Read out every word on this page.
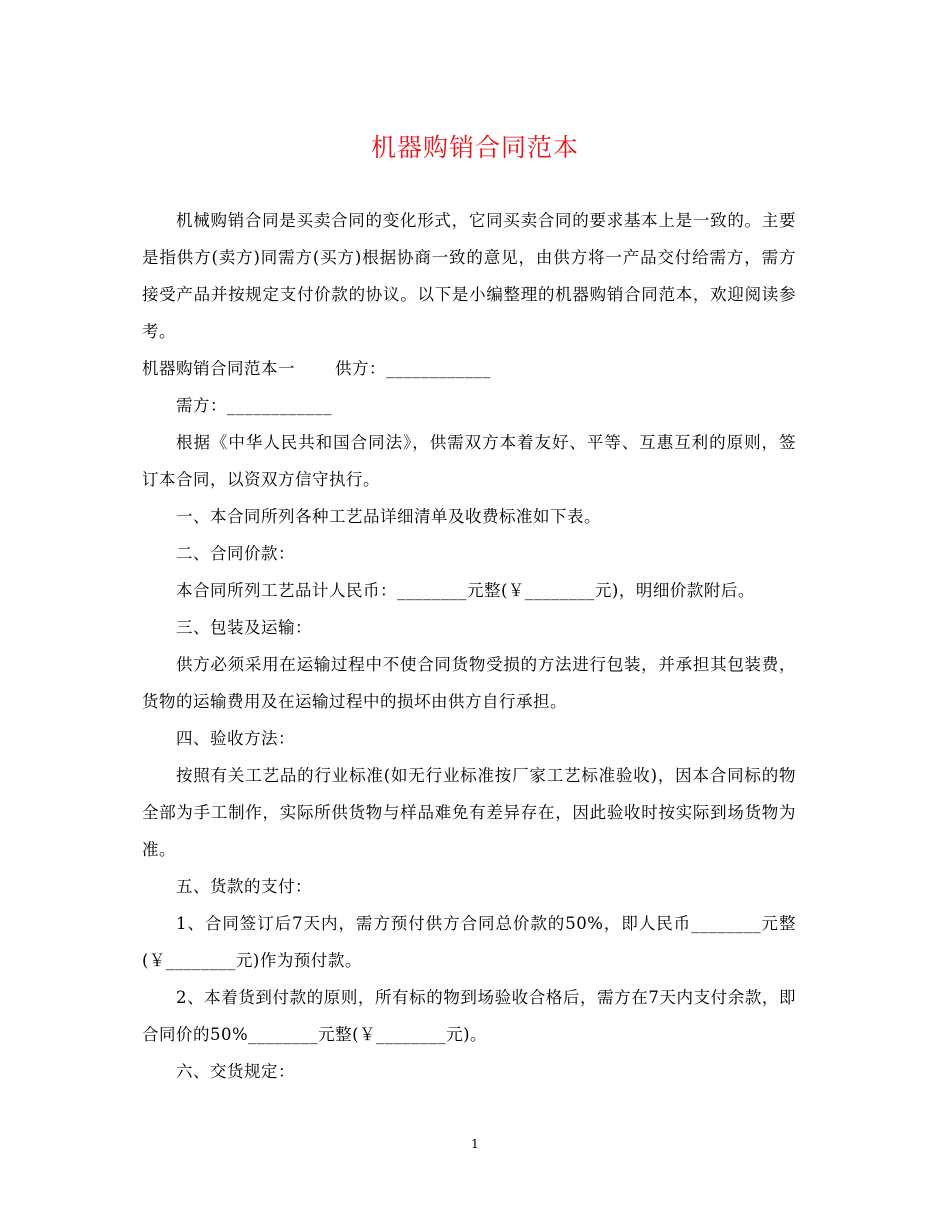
机器购销合同范本

机械购销合同是买卖合同的变化形式，它同买卖合同的要求基本上是一致的。主要是指供方(卖方)同需方(买方)根据协商一致的意见，由供方将一产品交付给需方，需方接受产品并按规定支付价款的协议。以下是小编整理的机器购销合同范本，欢迎阅读参考。

机器购销合同范本一 供方：____________

需方：____________

根据《中华人民共和国合同法》，供需双方本着友好、平等、互惠互利的原则，签订本合同，以资双方信守执行。

一、本合同所列各种工艺品详细清单及收费标准如下表。

二、合同价款：

本合同所列工艺品计人民币：________元整(￥________元)，明细价款附后。

三、包装及运输：

供方必须采用在运输过程中不使合同货物受损的方法进行包装，并承担其包装费，货物的运输费用及在运输过程中的损坏由供方自行承担。

四、验收方法：

按照有关工艺品的行业标准(如无行业标准按厂家工艺标准验收)，因本合同标的物全部为手工制作，实际所供货物与样品难免有差异存在，因此验收时按实际到场货物为准。

五、货款的支付：

1、合同签订后7天内，需方预付供方合同总价款的50%，即人民币________元整(￥________元)作为预付款。

2、本着货到付款的原则，所有标的物到场验收合格后，需方在7天内支付余款，即合同价的50%________元整(￥________元)。

六、交货规定：

1
